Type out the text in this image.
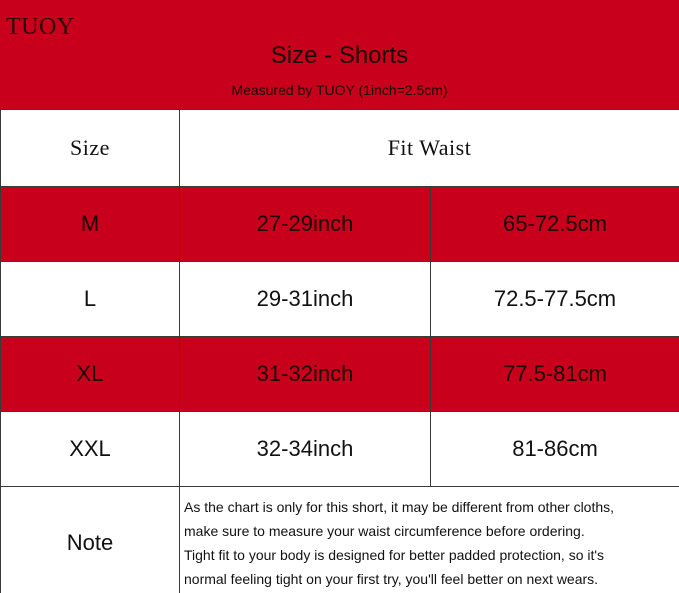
TUOY
Size - Shorts
Measured by TUOY (1inch=2.5cm)
Size	Fit Waist	
M	27-29inch	65-72.5cm
L	29-31inch	72.5-77.5cm
XL	31-32inch	77.5-81cm
XXL	32-34inch	81-86cm
Note	As the chart is only for this short, it may be different from other cloths,
make sure to measure your waist circumference before ordering.
Tight fit to your body is designed for better padded protection, so it's
normal feeling tight on your first try, you'll feel better on next wears.	
